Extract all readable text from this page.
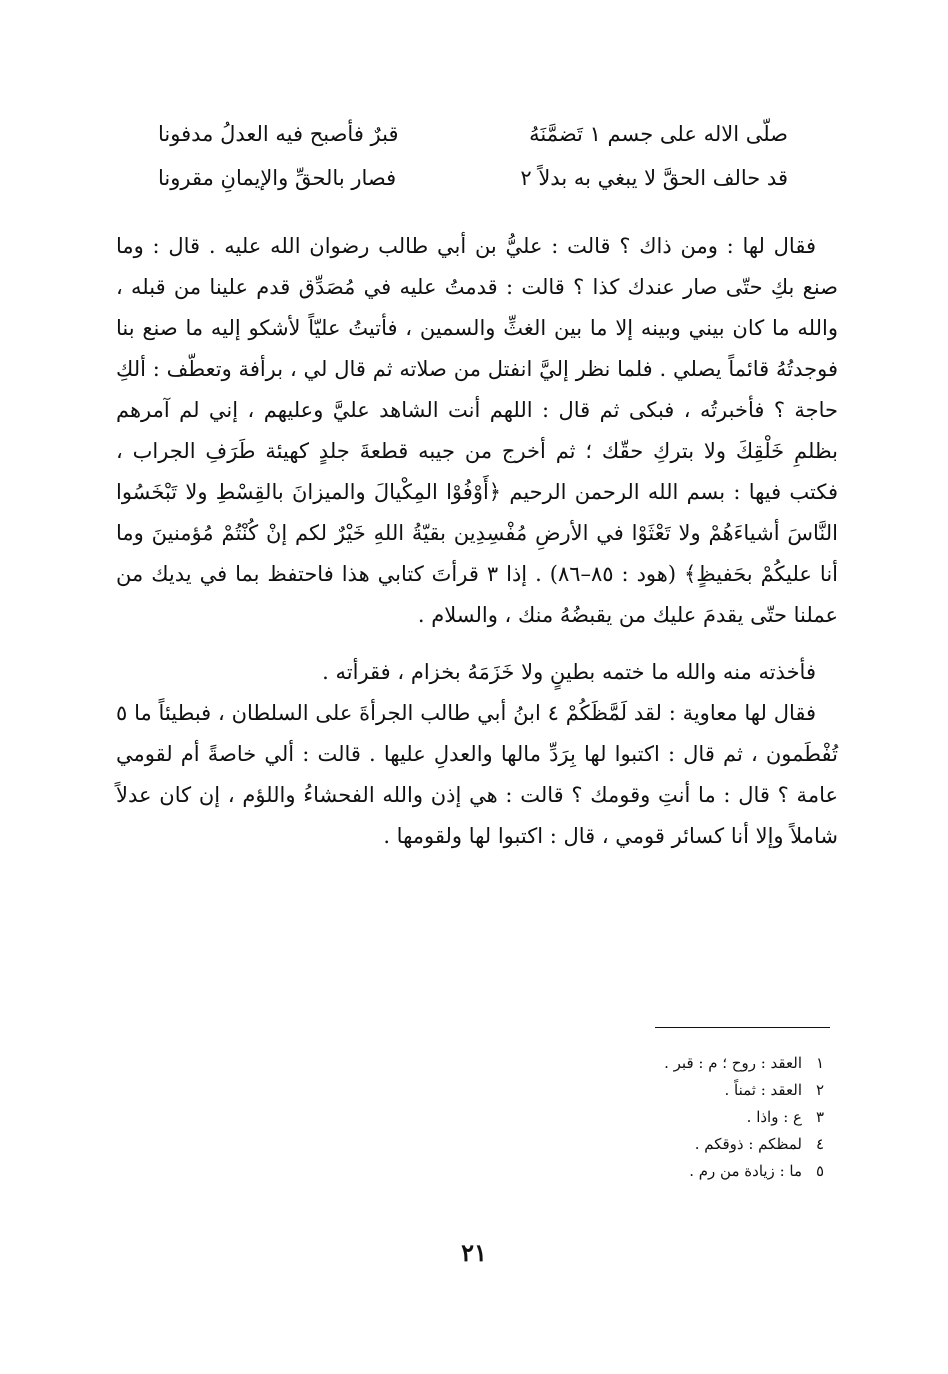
صلّى الاله على جسم ١ تَضمَّنَهُ
قبرٌ فأصبح فيه العدلُ مدفونا
قد حالف الحقَّ لا يبغي به بدلاً ٢
فصار بالحقِّ والإيمانِ مقرونا

فقال لها : ومن ذاك ؟ قالت : عليُّ بن أبي طالب رضوان الله عليه . قال : وما صنع بكِ حتّى صار عندك كذا ؟ قالت : قدمتُ عليه في مُصَدِّق قدم علينا من قبله ، والله ما كان بيني وبينه إلا ما بين الغثِّ والسمين ، فأتيتُ عليّاً لأشكو إليه ما صنع بنا فوجدتُهُ قائماً يصلي . فلما نظر إليَّ انفتل من صلاته ثم قال لي ، برأفة وتعطّف : ألكِ حاجة ؟ فأخبرتُه ، فبكى ثم قال : اللهم أنت الشاهد عليَّ وعليهم ، إني لم آمرهم بظلمِ خَلْقِكَ ولا بتركِ حقّك ؛ ثم أخرج من جيبه قطعةَ جلدٍ كهيئة طَرَفِ الجراب ، فكتب فيها : بسم الله الرحمن الرحيم ﴿أَوْفُوْا المِكْيالَ والميزانَ بالقِسْطِ ولا تَبْخَسُوا النَّاسَ أشياءَهُمْ ولا تَعْثَوْا في الأرضِ مُفْسِدِين بقيّةُ اللهِ خَيْرٌ لكم إنْ كُنْتُمْ مُؤمنينَ وما أنا عليكُمْ بحَفيظٍ﴾ (هود : ٨٥–٨٦) . إذا ٣ قرأتَ كتابي هذا فاحتفظ بما في يديك من عملنا حتّى يقدمَ عليك من يقبضُهُ منك ، والسلام .

فأخذته منه والله ما ختمه بطينٍ ولا خَزَمَهُ بخزام ، فقرأته .

فقال لها معاوية : لقد لَمَّظَكُمْ ٤ ابنُ أبي طالب الجرأةَ على السلطان ، فبطيئاً ما ٥ تُفْطَمون ، ثم قال : اكتبوا لها بِرَدِّ مالها والعدلِ عليها . قالت : ألي خاصةً أم لقومي عامة ؟ قال : ما أنتِ وقومك ؟ قالت : هي إذن والله الفحشاءُ واللؤم ، إن كان عدلاً شاملاً وإلا أنا كسائر قومي ، قال : اكتبوا لها ولقومها .

١
العقد : روح ؛ م : قبر .
٢
العقد : ثمناً .
٣
ع : واذا .
٤
لمظكم : ذوقكم .
٥
ما : زيادة من رم .
٢١
